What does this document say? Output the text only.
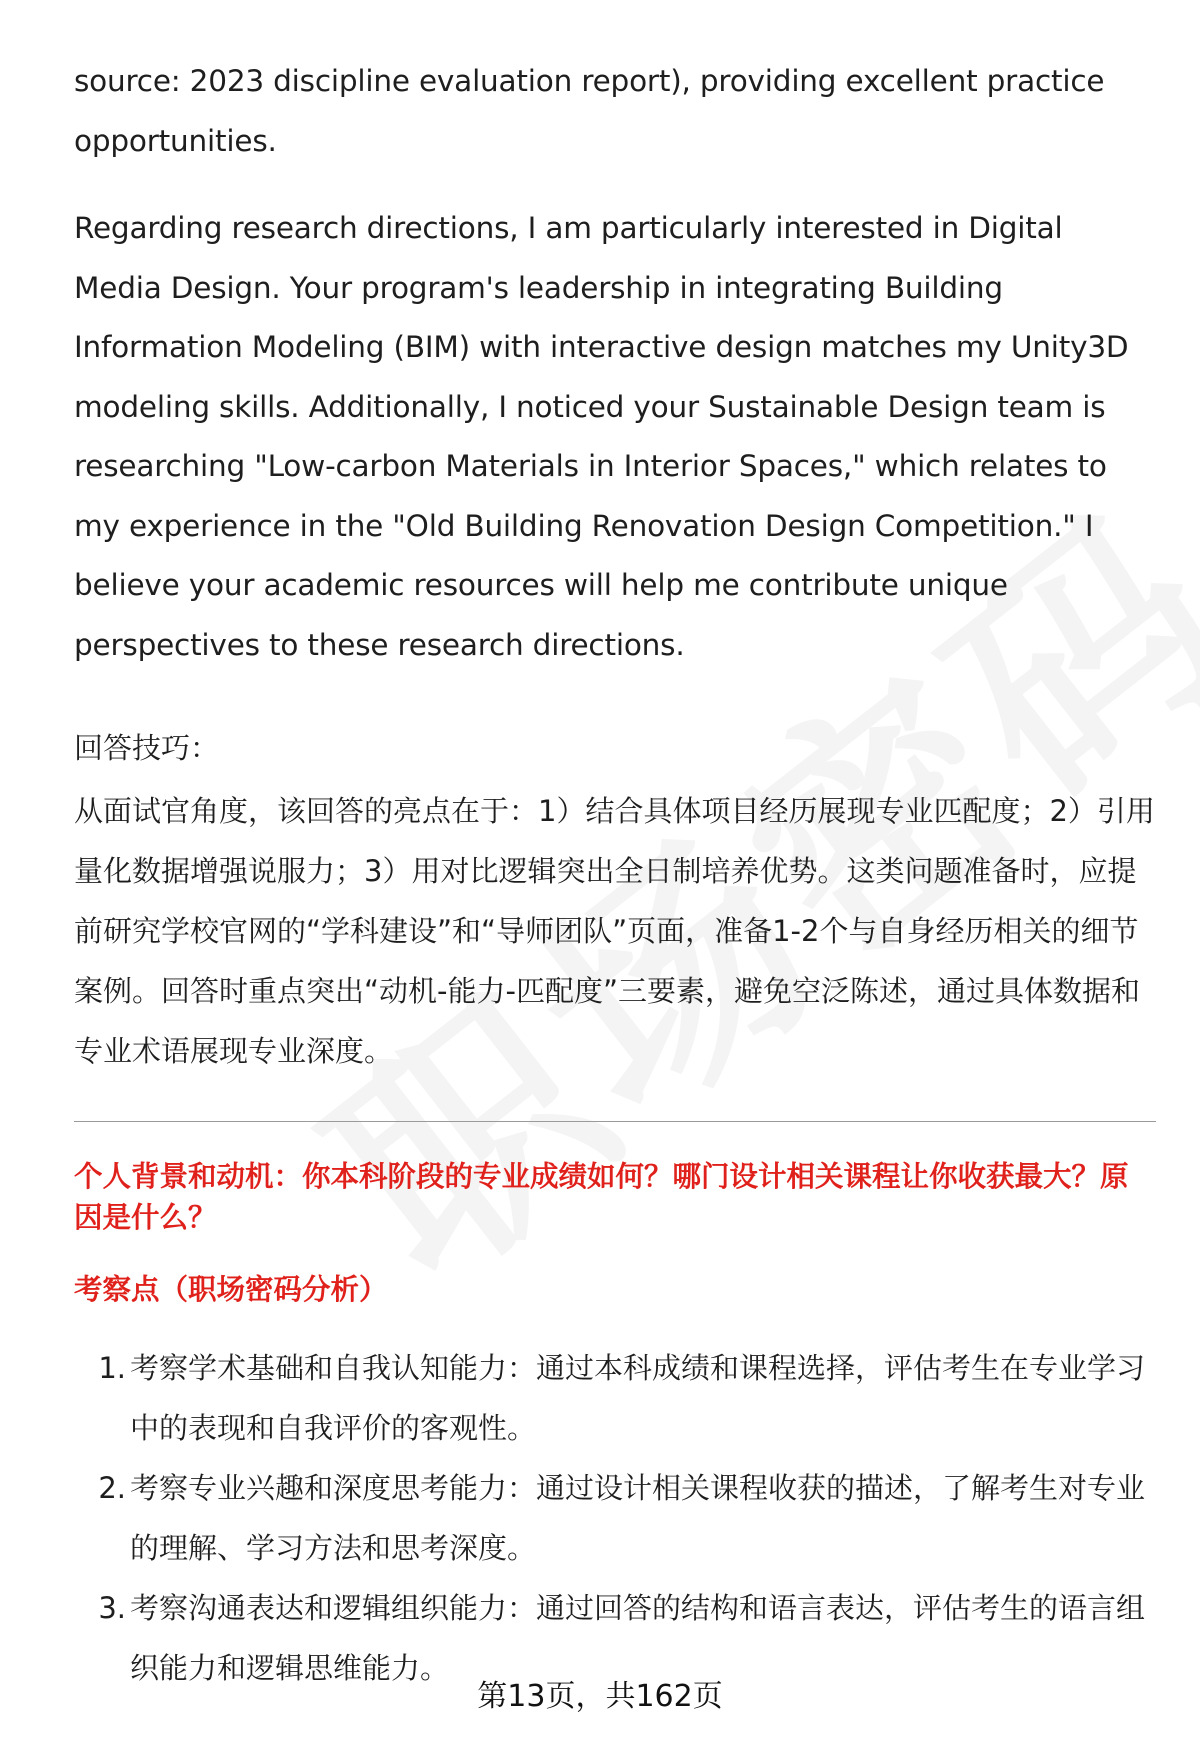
source: 2023 discipline evaluation report), providing excellent practice opportunities.

Regarding research directions, I am particularly interested in Digital Media Design. Your program's leadership in integrating Building Information Modeling (BIM) with interactive design matches my Unity3D modeling skills. Additionally, I noticed your Sustainable Design team is researching "Low-carbon Materials in Interior Spaces," which relates to my experience in the "Old Building Renovation Design Competition." I believe your academic resources will help me contribute unique perspectives to these research directions.

回答技巧：

从面试官角度，该回答的亮点在于：1）结合具体项目经历展现专业匹配度；2）引用量化数据增强说服力；3）用对比逻辑突出全日制培养优势。这类问题准备时，应提前研究学校官网的“学科建设”和“导师团队”页面，准备1-2个与自身经历相关的细节案例。回答时重点突出“动机-能力-匹配度”三要素，避免空泛陈述，通过具体数据和专业术语展现专业深度。

个人背景和动机：你本科阶段的专业成绩如何？哪门设计相关课程让你收获最大？原因是什么？

考察点（职场密码分析）

1. 考察学术基础和自我认知能力：通过本科成绩和课程选择，评估考生在专业学习中的表现和自我评价的客观性。
2. 考察专业兴趣和深度思考能力：通过设计相关课程收获的描述，了解考生对专业的理解、学习方法和思考深度。
3. 考察沟通表达和逻辑组织能力：通过回答的结构和语言表达，评估考生的语言组织能力和逻辑思维能力。
第13页，共162页
